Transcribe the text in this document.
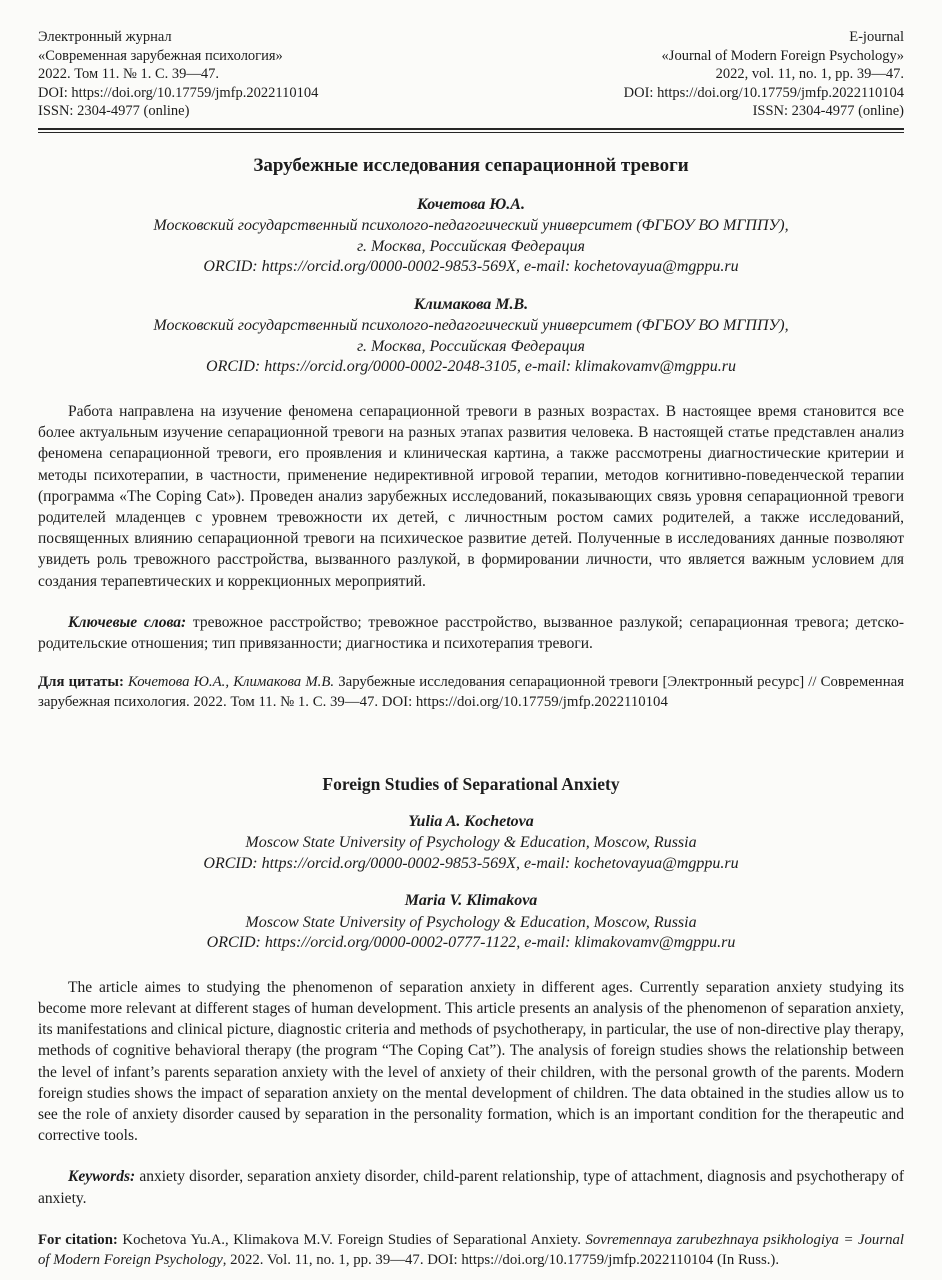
Электронный журнал
«Современная зарубежная психология»
2022. Том 11. № 1. С. 39—47.
DOI: https://doi.org/10.17759/jmfp.2022110104
ISSN: 2304-4977 (online)
E-journal
«Journal of Modern Foreign Psychology»
2022, vol. 11, no. 1, pp. 39—47.
DOI: https://doi.org/10.17759/jmfp.2022110104
ISSN: 2304-4977 (online)
Зарубежные исследования сепарационной тревоги
Кочетова Ю.А.
Московский государственный психолого-педагогический университет (ФГБОУ ВО МГППУ),
г. Москва, Российская Федерация
ORCID: https://orcid.org/0000-0002-9853-569X, e-mail: kochetovayua@mgppu.ru
Климакова М.В.
Московский государственный психолого-педагогический университет (ФГБОУ ВО МГППУ),
г. Москва, Российская Федерация
ORCID: https://orcid.org/0000-0002-2048-3105, e-mail: klimakovamv@mgppu.ru

Работа направлена на изучение феномена сепарационной тревоги в разных возрастах. В настоящее время становится все более актуальным изучение сепарационной тревоги на разных этапах развития человека. В настоящей статье представлен анализ феномена сепарационной тревоги, его проявления и клиническая картина, а также рассмотрены диагностические критерии и методы психотерапии, в частности, применение недирективной игровой терапии, методов когнитивно-поведенческой терапии (программа «The Coping Cat»). Проведен анализ зарубежных исследований, показывающих связь уровня сепарационной тревоги родителей младенцев с уровнем тревожности их детей, с личностным ростом самих родителей, а также исследований, посвященных влиянию сепарационной тревоги на психическое развитие детей. Полученные в исследованиях данные позволяют увидеть роль тревожного расстройства, вызванного разлукой, в формировании личности, что является важным условием для создания терапевтических и коррекционных мероприятий.

Ключевые слова: тревожное расстройство; тревожное расстройство, вызванное разлукой; сепарационная тревога; детско-родительские отношения; тип привязанности; диагностика и психотерапия тревоги.

Для цитаты: Кочетова Ю.А., Климакова М.В. Зарубежные исследования сепарационной тревоги [Электронный ресурс] // Современная зарубежная психология. 2022. Том 11. № 1. С. 39—47. DOI: https://doi.org/10.17759/jmfp.2022110104

Foreign Studies of Separational Anxiety
Yulia A. Kochetova
Moscow State University of Psychology & Education, Moscow, Russia
ORCID: https://orcid.org/0000-0002-9853-569X, e-mail: kochetovayua@mgppu.ru
Maria V. Klimakova
Moscow State University of Psychology & Education, Moscow, Russia
ORCID: https://orcid.org/0000-0002-0777-1122, e-mail: klimakovamv@mgppu.ru

The article aimes to studying the phenomenon of separation anxiety in different ages. Currently separation anxiety studying its become more relevant at different stages of human development. This article presents an analysis of the phenomenon of separation anxiety, its manifestations and clinical picture, diagnostic criteria and methods of psychotherapy, in particular, the use of non-directive play therapy, methods of cognitive behavioral therapy (the program “The Coping Cat”). The analysis of foreign studies shows the relationship between the level of infant’s parents separation anxiety with the level of anxiety of their children, with the personal growth of the parents. Modern foreign studies shows the impact of separation anxiety on the mental development of children. The data obtained in the studies allow us to see the role of anxiety disorder caused by separation in the personality formation, which is an important condition for the therapeutic and corrective tools.

Keywords: anxiety disorder, separation anxiety disorder, child-parent relationship, type of attachment, diagnosis and psychotherapy of anxiety.

For citation: Kochetova Yu.A., Klimakova M.V. Foreign Studies of Separational Anxiety. Sovremennaya zarubezhnaya psikhologiya = Journal of Modern Foreign Psychology, 2022. Vol. 11, no. 1, pp. 39—47. DOI: https://doi.org/10.17759/jmfp.2022110104 (In Russ.).
